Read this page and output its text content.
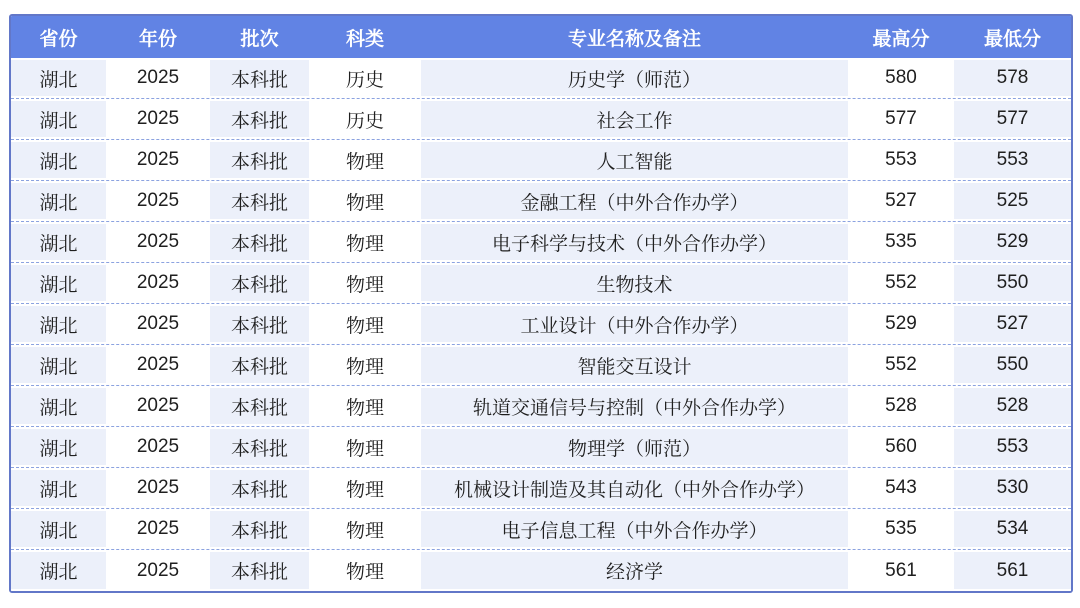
省份	年份	批次	科类	专业名称及备注	最高分	最低分
湖北	2025	本科批	历史	历史学（师范）	580	578
湖北	2025	本科批	历史	社会工作	577	577
湖北	2025	本科批	物理	人工智能	553	553
湖北	2025	本科批	物理	金融工程（中外合作办学）	527	525
湖北	2025	本科批	物理	电子科学与技术（中外合作办学）	535	529
湖北	2025	本科批	物理	生物技术	552	550
湖北	2025	本科批	物理	工业设计（中外合作办学）	529	527
湖北	2025	本科批	物理	智能交互设计	552	550
湖北	2025	本科批	物理	轨道交通信号与控制（中外合作办学）	528	528
湖北	2025	本科批	物理	物理学（师范）	560	553
湖北	2025	本科批	物理	机械设计制造及其自动化（中外合作办学）	543	530
湖北	2025	本科批	物理	电子信息工程（中外合作办学）	535	534
湖北	2025	本科批	物理	经济学	561	561
